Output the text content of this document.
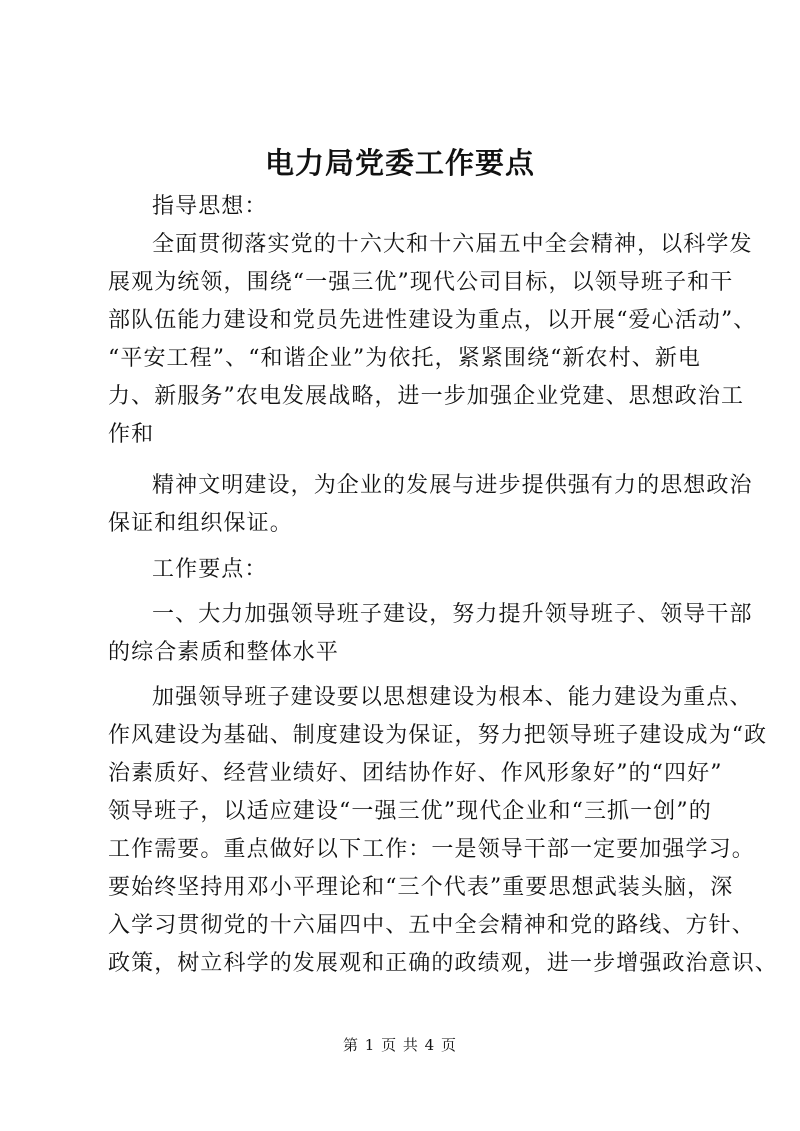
电力局党委工作要点

指导思想：

全面贯彻落实党的十六大和十六届五中全会精神，以科学发

展观为统领，围绕“一强三优”现代公司目标，以领导班子和干

部队伍能力建设和党员先进性建设为重点，以开展“爱心活动”、

“平安工程”、“和谐企业”为依托，紧紧围绕“新农村、新电

力、新服务”农电发展战略，进一步加强企业党建、思想政治工

作和

精神文明建设，为企业的发展与进步提供强有力的思想政治

保证和组织保证。

工作要点：

一、大力加强领导班子建设，努力提升领导班子、领导干部

的综合素质和整体水平

加强领导班子建设要以思想建设为根本、能力建设为重点、

作风建设为基础、制度建设为保证，努力把领导班子建设成为“政

治素质好、经营业绩好、团结协作好、作风形象好”的“四好”

领导班子，以适应建设“一强三优”现代企业和“三抓一创”的

工作需要。重点做好以下工作：一是领导干部一定要加强学习。

要始终坚持用邓小平理论和“三个代表”重要思想武装头脑，深

入学习贯彻党的十六届四中、五中全会精神和党的路线、方针、

政策，树立科学的发展观和正确的政绩观，进一步增强政治意识、

第 1 页 共 4 页
